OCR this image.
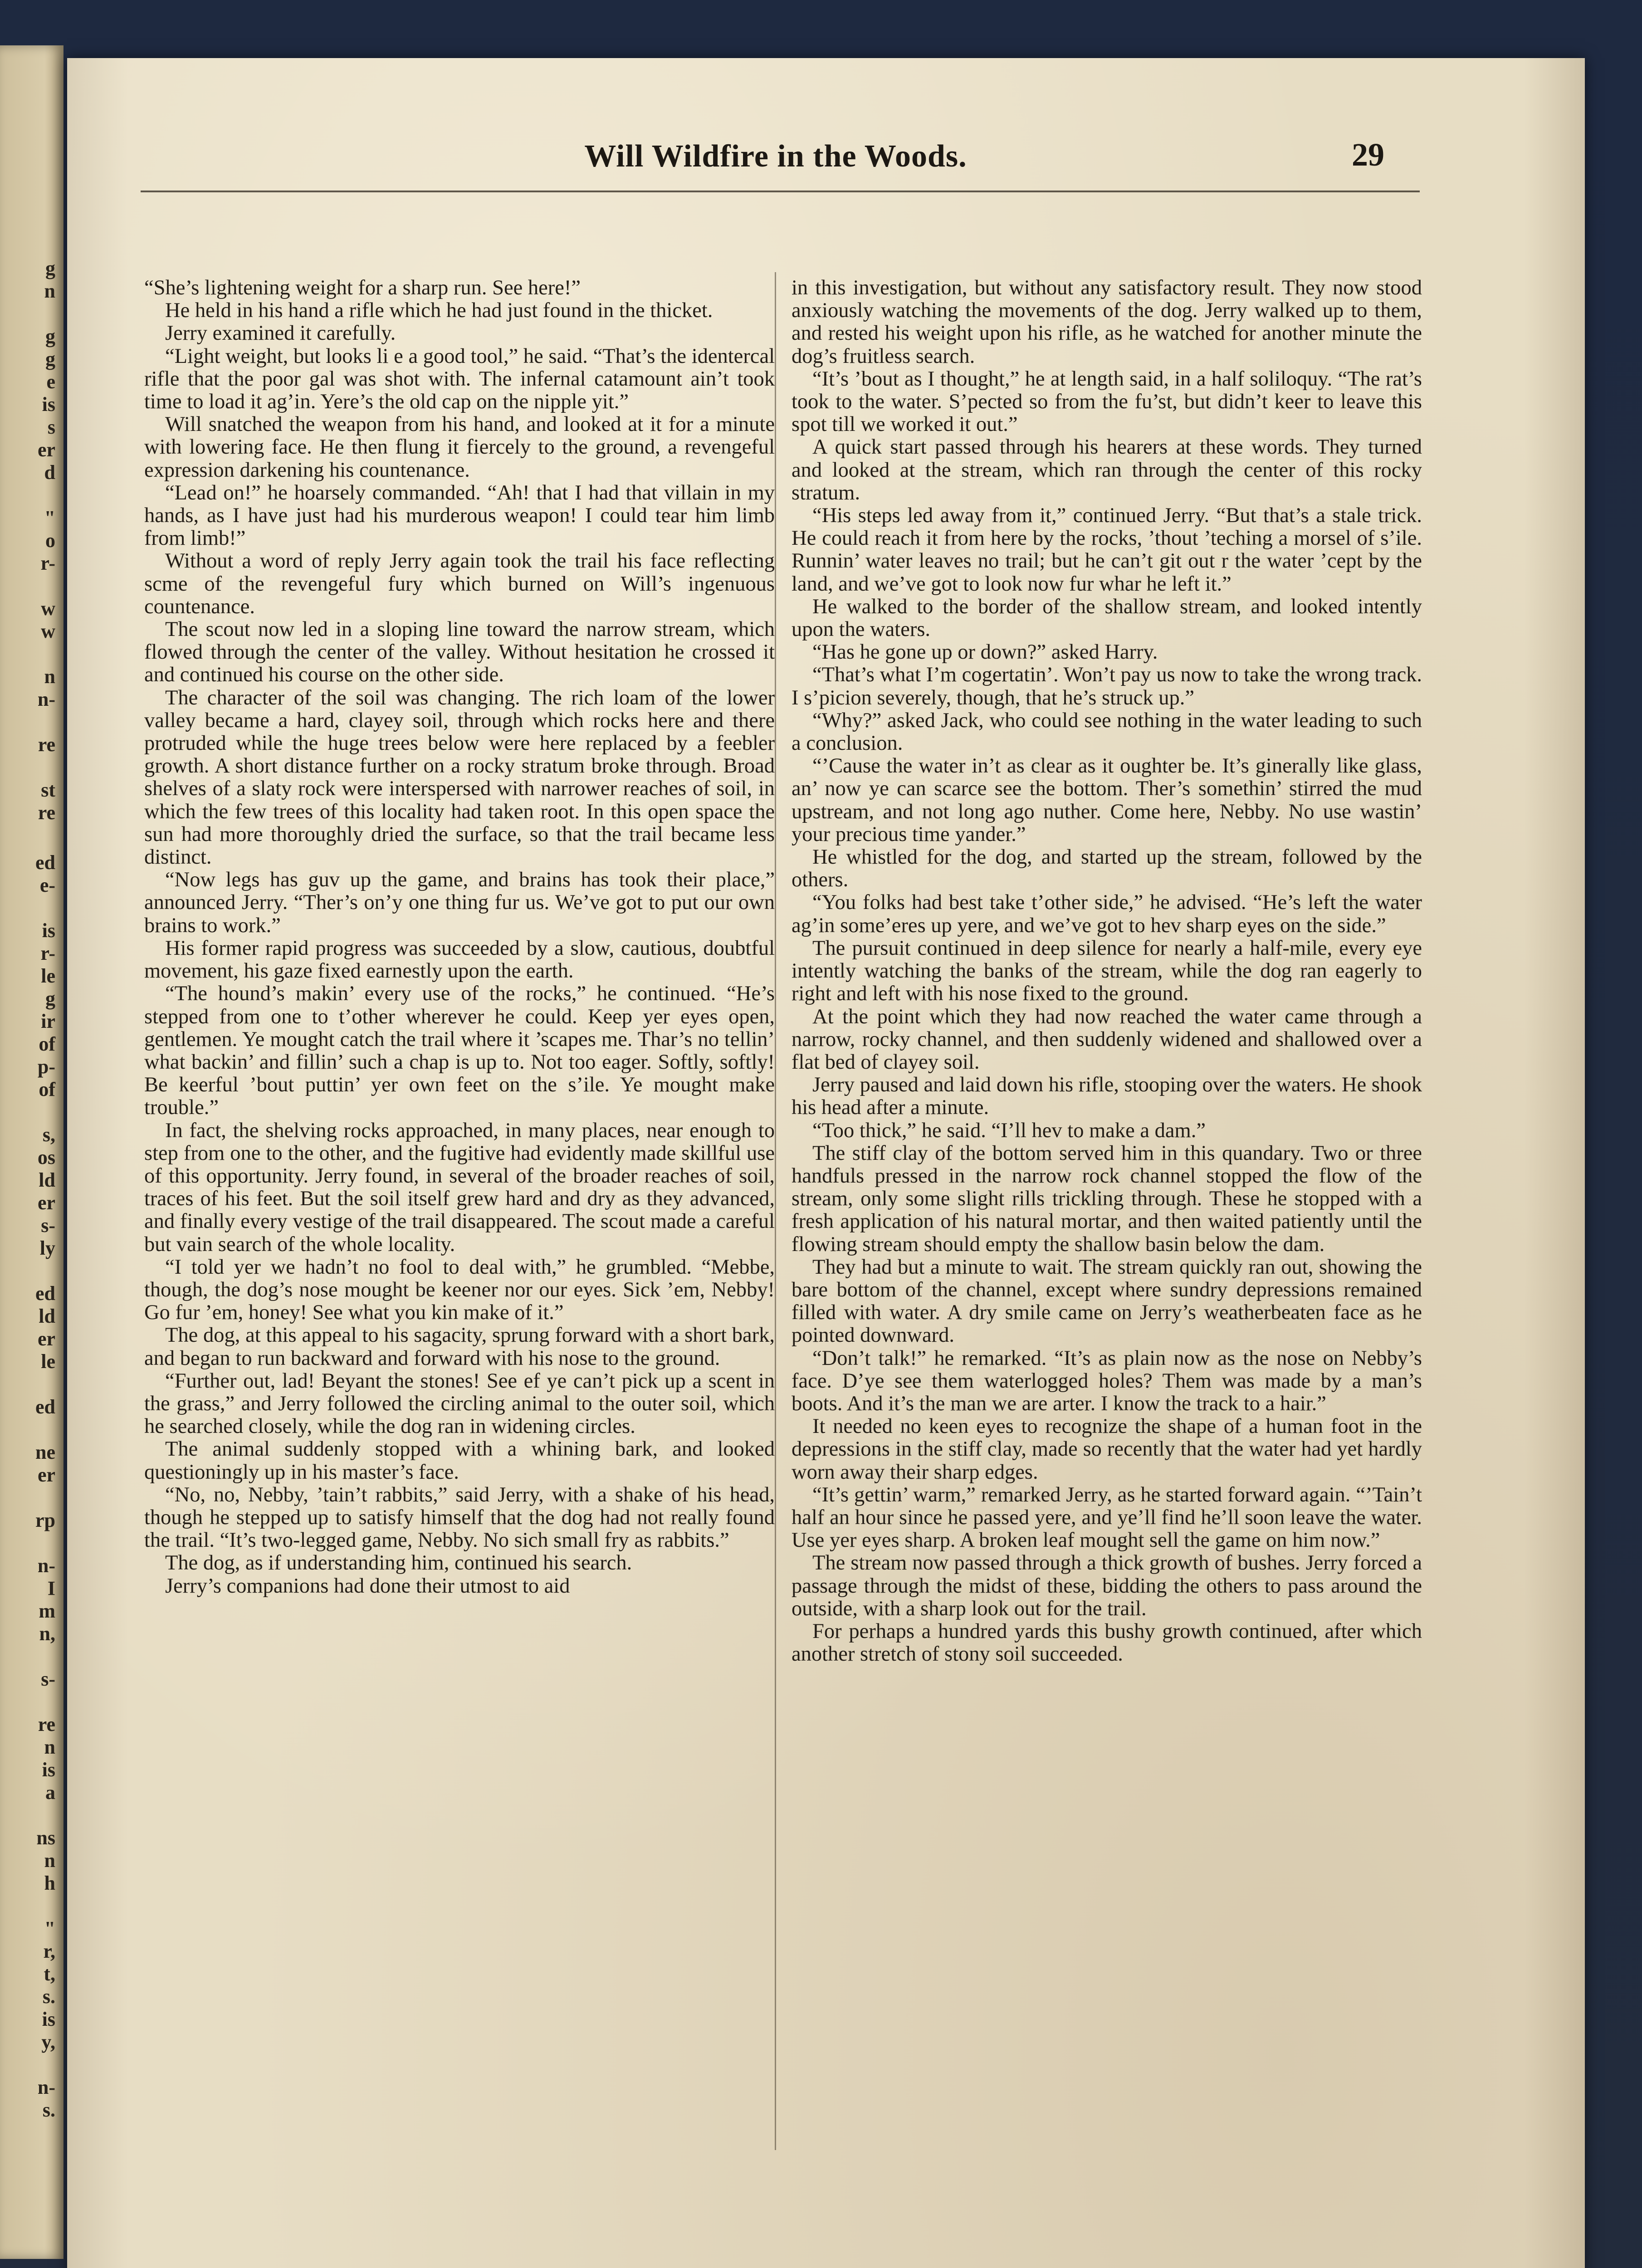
g
n
g
g
e
is
s
er
d
"
o
r-
w
w
n
n-
re
st
re
ed
e-
is
r-
le
g
ir
of
p-
of
s,
os
ld
er
s-
ly
ed
ld
er
le
ed
ne
er
rp
n-
I
m
n,
s-
re
n
is
a
ns
n
h
"
r,
t,
s.
is
y,
n-
s.
Will Wildfire in the Woods.	29

“She’s lightening weight for a sharp run. See here!”

He held in his hand a rifle which he had just found in the thicket.

Jerry examined it carefully.

“Light weight, but looks li e a good tool,” he said. “That’s the identercal rifle that the poor gal was shot with. The infernal catamount ain’t took time to load it ag’in. Yere’s the old cap on the nipple yit.”

Will snatched the weapon from his hand, and looked at it for a minute with lowering face. He then flung it fiercely to the ground, a revengeful expression darkening his countenance.

“Lead on!” he hoarsely commanded. “Ah! that I had that villain in my hands, as I have just had his murderous weapon! I could tear him limb from limb!”

Without a word of reply Jerry again took the trail his face reflecting scme of the revengeful fury which burned on Will’s ingenuous countenance.

The scout now led in a sloping line toward the narrow stream, which flowed through the center of the valley. Without hesitation he crossed it and continued his course on the other side.

The character of the soil was changing. The rich loam of the lower valley became a hard, clayey soil, through which rocks here and there protruded while the huge trees below were here replaced by a feebler growth. A short distance further on a rocky stratum broke through. Broad shelves of a slaty rock were interspersed with narrower reaches of soil, in which the few trees of this locality had taken root. In this open space the sun had more thoroughly dried the surface, so that the trail became less distinct.

“Now legs has guv up the game, and brains has took their place,” announced Jerry. “Ther’s on’y one thing fur us. We’ve got to put our own brains to work.”

His former rapid progress was succeeded by a slow, cautious, doubtful movement, his gaze fixed earnestly upon the earth.

“The hound’s makin’ every use of the rocks,” he continued. “He’s stepped from one to t’other wherever he could. Keep yer eyes open, gentlemen. Ye mought catch the trail where it ’scapes me. Thar’s no tellin’ what backin’ and fillin’ such a chap is up to. Not too eager. Softly, softly! Be keerful ’bout puttin’ yer own feet on the s’ile. Ye mought make trouble.”

In fact, the shelving rocks approached, in many places, near enough to step from one to the other, and the fugitive had evidently made skillful use of this opportunity. Jerry found, in several of the broader reaches of soil, traces of his feet. But the soil itself grew hard and dry as they advanced, and finally every vestige of the trail disappeared. The scout made a careful but vain search of the whole locality.

“I told yer we hadn’t no fool to deal with,” he grumbled. “Mebbe, though, the dog’s nose mought be keener nor our eyes. Sick ’em, Nebby! Go fur ’em, honey! See what you kin make of it.”

The dog, at this appeal to his sagacity, sprung forward with a short bark, and began to run backward and forward with his nose to the ground.

“Further out, lad! Beyant the stones! See ef ye can’t pick up a scent in the grass,” and Jerry followed the circling animal to the outer soil, which he searched closely, while the dog ran in widening circles.

The animal suddenly stopped with a whining bark, and looked questioningly up in his master’s face.

“No, no, Nebby, ’tain’t rabbits,” said Jerry, with a shake of his head, though he stepped up to satisfy himself that the dog had not really found the trail. “It’s two-legged game, Nebby. No sich small fry as rabbits.”

The dog, as if understanding him, continued his search.

Jerry’s companions had done their utmost to aid

in this investigation, but without any satisfactory result. They now stood anxiously watching the movements of the dog. Jerry walked up to them, and rested his weight upon his rifle, as he watched for another minute the dog’s fruitless search.

“It’s ’bout as I thought,” he at length said, in a half soliloquy. “The rat’s took to the water. S’pected so from the fu’st, but didn’t keer to leave this spot till we worked it out.”

A quick start passed through his hearers at these words. They turned and looked at the stream, which ran through the center of this rocky stratum.

“His steps led away from it,” continued Jerry. “But that’s a stale trick. He could reach it from here by the rocks, ’thout ’teching a morsel of s’ile. Runnin’ water leaves no trail; but he can’t git out r the water ’cept by the land, and we’ve got to look now fur whar he left it.”

He walked to the border of the shallow stream, and looked intently upon the waters.

“Has he gone up or down?” asked Harry.

“That’s what I’m cogertatin’. Won’t pay us now to take the wrong track. I s’picion severely, though, that he’s struck up.”

“Why?” asked Jack, who could see nothing in the water leading to such a conclusion.

“’Cause the water in’t as clear as it oughter be. It’s ginerally like glass, an’ now ye can scarce see the bottom. Ther’s somethin’ stirred the mud upstream, and not long ago nuther. Come here, Nebby. No use wastin’ your precious time yander.”

He whistled for the dog, and started up the stream, followed by the others.

“You folks had best take t’other side,” he advised. “He’s left the water ag’in some’eres up yere, and we’ve got to hev sharp eyes on the side.”

The pursuit continued in deep silence for nearly a half-mile, every eye intently watching the banks of the stream, while the dog ran eagerly to right and left with his nose fixed to the ground.

At the point which they had now reached the water came through a narrow, rocky channel, and then suddenly widened and shallowed over a flat bed of clayey soil.

Jerry paused and laid down his rifle, stooping over the waters. He shook his head after a minute.

“Too thick,” he said. “I’ll hev to make a dam.”

The stiff clay of the bottom served him in this quandary. Two or three handfuls pressed in the narrow rock channel stopped the flow of the stream, only some slight rills trickling through. These he stopped with a fresh application of his natural mortar, and then waited patiently until the flowing stream should empty the shallow basin below the dam.

They had but a minute to wait. The stream quickly ran out, showing the bare bottom of the channel, except where sundry depressions remained filled with water. A dry smile came on Jerry’s weatherbeaten face as he pointed downward.

“Don’t talk!” he remarked. “It’s as plain now as the nose on Nebby’s face. D’ye see them waterlogged holes? Them was made by a man’s boots. And it’s the man we are arter. I know the track to a hair.”

It needed no keen eyes to recognize the shape of a human foot in the depressions in the stiff clay, made so recently that the water had yet hardly worn away their sharp edges.

“It’s gettin’ warm,” remarked Jerry, as he started forward again. “’Tain’t half an hour since he passed yere, and ye’ll find he’ll soon leave the water. Use yer eyes sharp. A broken leaf mought sell the game on him now.”

The stream now passed through a thick growth of bushes. Jerry forced a passage through the midst of these, bidding the others to pass around the outside, with a sharp look out for the trail.

For perhaps a hundred yards this bushy growth continued, after which another stretch of stony soil succeeded.
